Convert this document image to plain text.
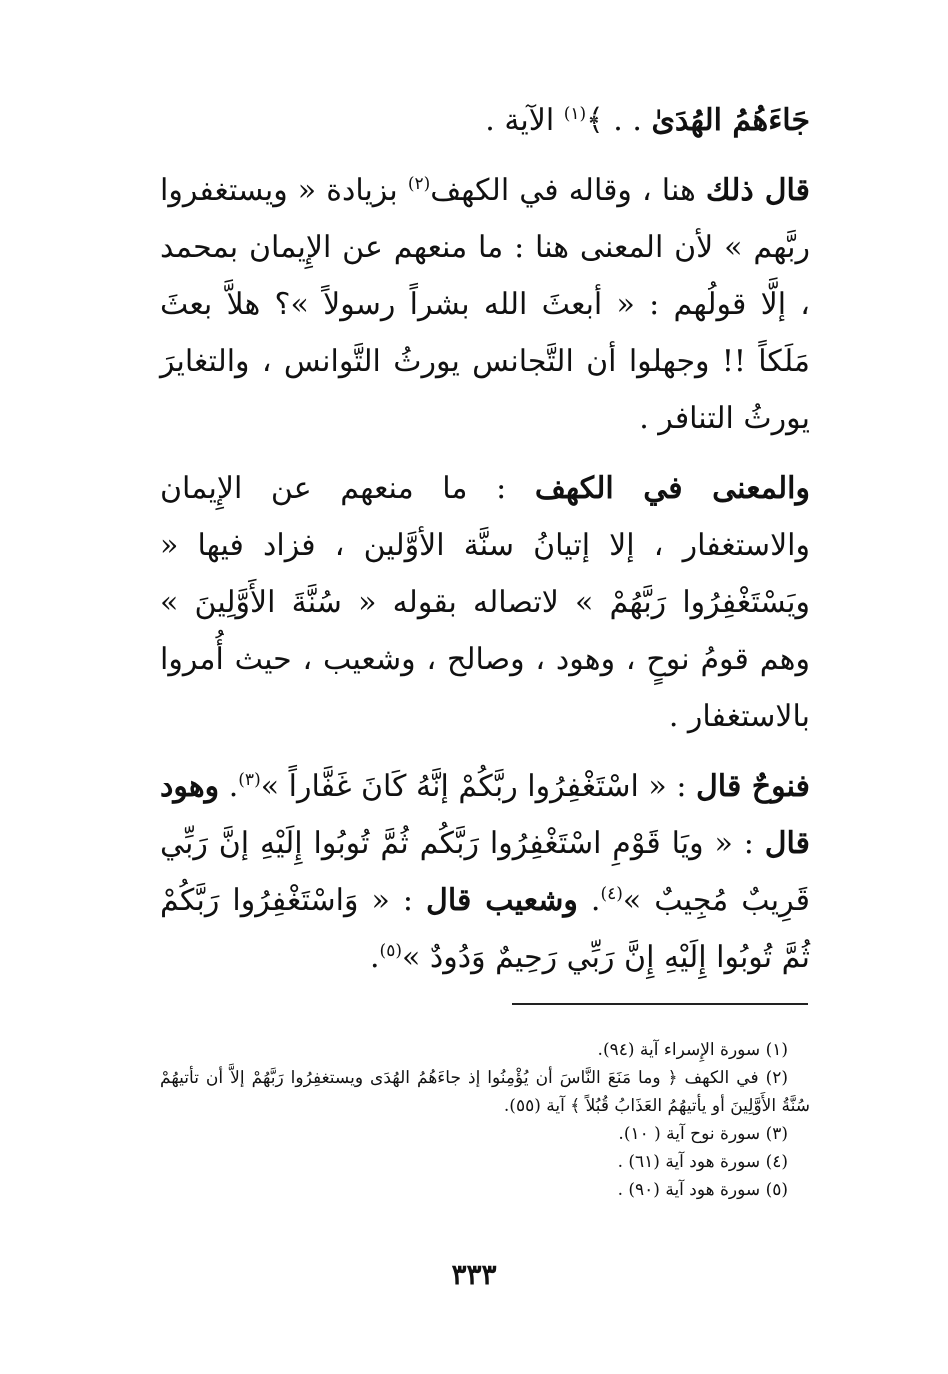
جَاءَهُمُ الهُدَىٰ . . ﴾$^{(١)}$ الآية .

قال ذلك هنا ، وقاله في الكهف$^{(٢)}$ بزيادة « ويستغفروا ربَّهم » لأن المعنى هنا : ما منعهم عن الإِيمان بمحمد ، إلَّا قولُهم : « أبعثَ الله بشراً رسولاً »؟ هلاَّ بعثَ مَلَكاً !! وجهلوا أن التَّجانس يورثُ التَّوانس ، والتغايرَ يورثُ التنافر .

والمعنى في الكهف : ما منعهم عن الإِيمان والاستغفار ، إلا إتيانُ سنَّة الأوَّلين ، فزاد فيها « ويَسْتَغْفِرُوا رَبَّهُمْ » لاتصاله بقوله « سُنَّةَ الأَوَّلِينَ » وهم قومُ نوحٍ ، وهود ، وصالح ، وشعيب ، حيث أُمروا بالاستغفار .

فنوحٌ قال : « اسْتَغْفِرُوا ربَّكُمْ إنَّهُ كَانَ غَفَّاراً »$^{(٣)}$. وهود قال : « ويَا قَوْمِ اسْتَغْفِرُوا رَبَّكُم ثُمَّ تُوبُوا إِلَيْهِ إنَّ رَبِّي قَرِيبٌ مُجِيبٌ »$^{(٤)}$. وشعيب قال : « وَاسْتَغْفِرُوا رَبَّكُمْ ثُمَّ تُوبُوا إِلَيْهِ إِنَّ رَبِّي رَحِيمٌ وَدُودٌ »$^{(٥)}$.

(١) سورة الإِسراء آية (٩٤).

(٢) في الكهف ﴿ وما مَنَعَ النَّاسَ أن يُؤْمِنُوا إذ جاءَهُمُ الهُدَى ويستغفِرُوا رَبَّهُمْ إلاَّ أن تأتيهُمْ سُنَّةُ الأَوَّلِينَ أو يأتيهُمُ العَذَابُ قُبُلاً ﴾ آية (٥٥).

(٣) سورة نوح آية ( ١٠).

(٤) سورة هود آية (٦١) .

(٥) سورة هود آية (٩٠) .

٣٣٣
